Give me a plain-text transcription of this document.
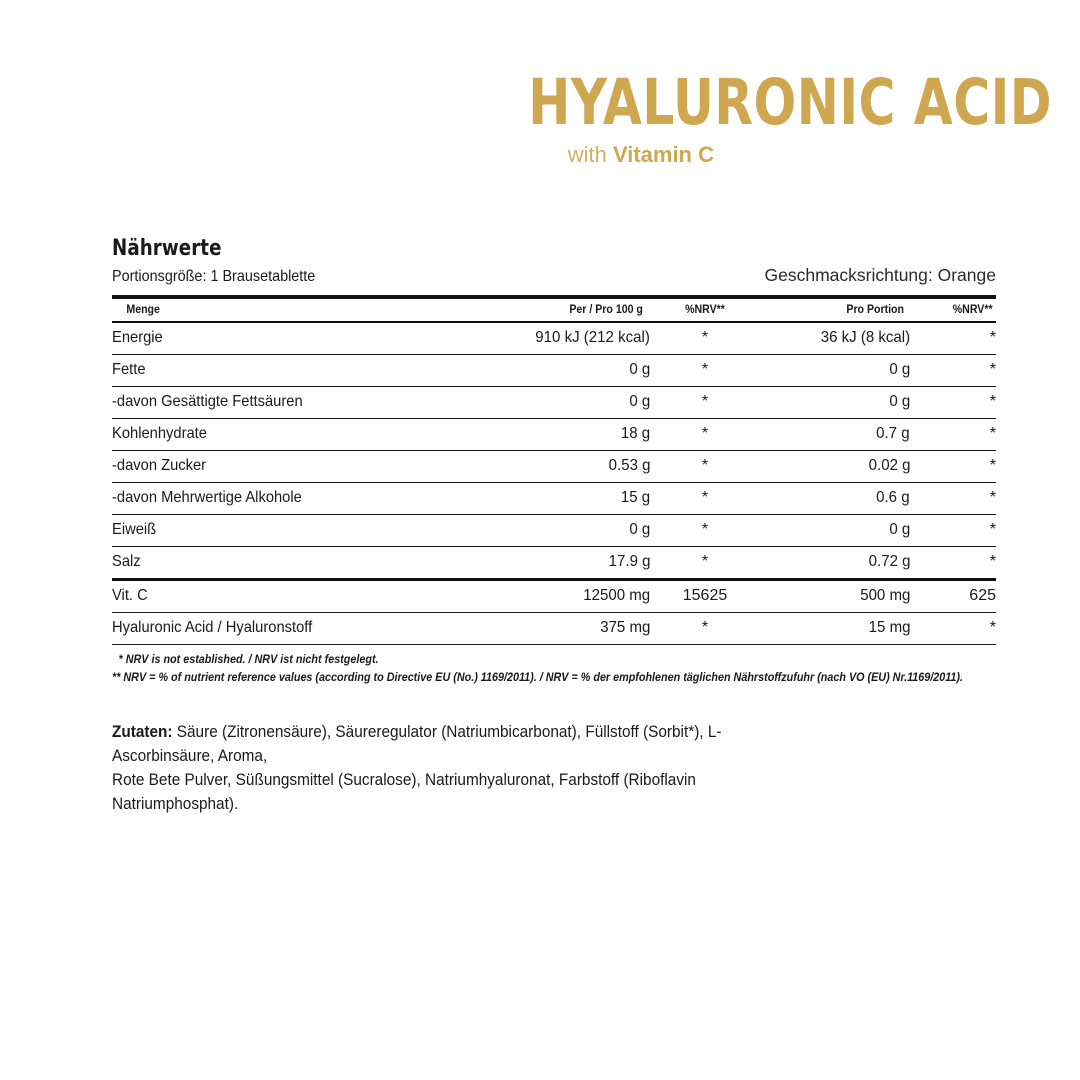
HYALURONIC ACID
with Vitamin C
Nährwerte
Portionsgröße: 1 Brausetablette	Geschmacksrichtung: Orange
Menge	Per / Pro 100 g	%NRV**	Pro Portion	%NRV**
Energie	910 kJ (212 kcal)	*	36 kJ (8 kcal)	*
Fette	0 g	*	0 g	*
-davon Gesättigte Fettsäuren	0 g	*	0 g	*
Kohlenhydrate	18 g	*	0.7 g	*
-davon Zucker	0.53 g	*	0.02 g	*
-davon Mehrwertige Alkohole	15 g	*	0.6 g	*
Eiweiß	0 g	*	0 g	*
Salz	17.9 g	*	0.72 g	*
Vit. C	12500 mg	15625	500 mg	625
Hyaluronic Acid / Hyaluronstoff	375 mg	*	15 mg	*
* NRV is not established. / NRV ist nicht festgelegt.
** NRV = % of nutrient reference values (according to Directive EU (No.) 1169/2011). / NRV = % der empfohlenen täglichen Nährstoffzufuhr (nach VO (EU) Nr.1169/2011).

Zutaten: Säure (Zitronensäure), Säureregulator (Natriumbicarbonat), Füllstoff (Sorbit*), L-Ascorbinsäure, Aroma,

Rote Bete Pulver, Süßungsmittel (Sucralose), Natriumhyaluronat, Farbstoff (Riboflavin Natriumphosphat).
